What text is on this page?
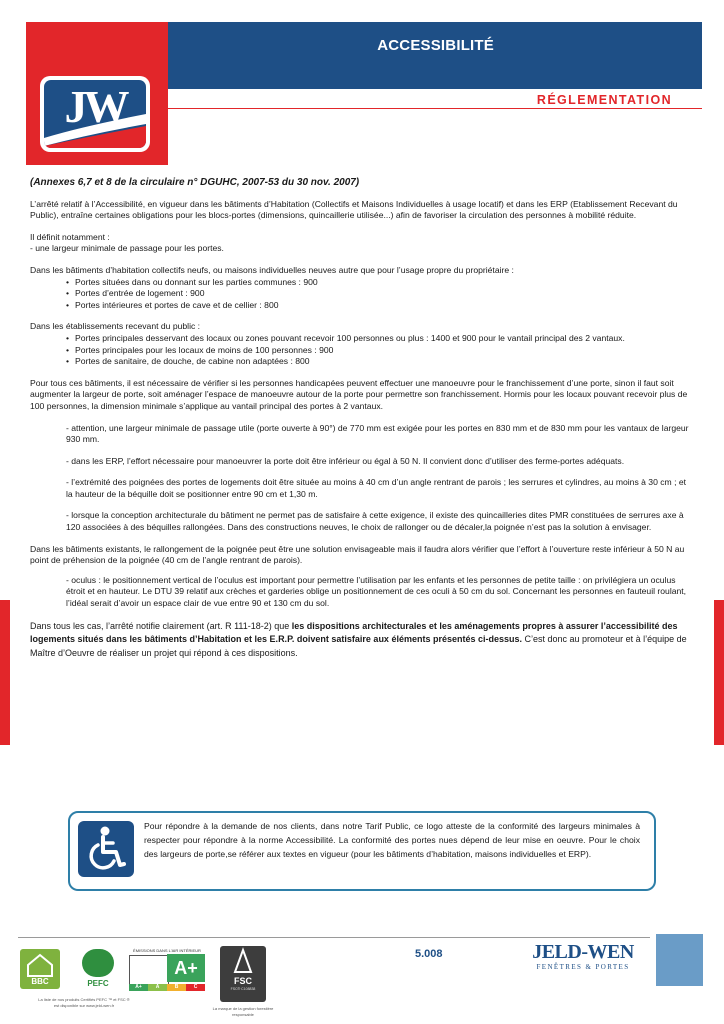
JW
ACCESSIBILITÉ
RÉGLEMENTATION

(Annexes 6,7 et 8 de la circulaire n° DGUHC, 2007-53 du 30 nov. 2007)

L’arrêté relatif à l’Accessibilité, en vigueur dans les bâtiments d’Habitation (Collectifs et Maisons Individuelles à usage locatif) et dans les ERP (Etablissement Recevant du Public), entraîne certaines obligations pour les blocs-portes (dimensions, quincaillerie utilisée...) afin de favoriser la circulation des personnes à mobilité réduite.

Il définit notamment :

- une largeur minimale de passage pour les portes.

Dans les bâtiments d’habitation collectifs neufs, ou maisons individuelles neuves autre que pour l’usage propre du propriétaire :

• Portes situées dans ou donnant sur les parties communes : 900
• Portes d’entrée de logement : 900
• Portes intérieures et portes de cave et de cellier : 800

Dans les établissements recevant du public :

• Portes principales desservant des locaux ou zones pouvant recevoir 100 personnes ou plus : 1400 et 900 pour le vantail principal des 2 vantaux.
• Portes principales pour les locaux de moins de 100 personnes : 900
• Portes de sanitaire, de douche, de cabine non adaptées : 800

Pour tous ces bâtiments, il est nécessaire de vérifier si les personnes handicapées peuvent effectuer une manoeuvre pour le franchissement d’une porte, sinon il faut soit augmenter la largeur de porte, soit aménager l’espace de manoeuvre autour de la porte pour permettre son franchissement. Hormis pour les locaux pouvant recevoir plus de 100 personnes, la dimension minimale s’applique au vantail principal des portes à 2 vantaux.

- attention, une largeur minimale de passage utile (porte ouverte à 90°) de 770 mm est exigée pour les portes en 830 mm et de 830 mm pour les vantaux de largeur 930 mm.
- dans les ERP, l’effort nécessaire pour manoeuvrer la porte doit être inférieur ou égal à 50 N. Il convient donc d’utiliser des ferme-portes adéquats.
- l’extrémité des poignées des portes de logements doit être située au moins à 40 cm d’un angle rentrant de parois ; les serrures et cylindres, au moins à 30 cm ; et la hauteur de la béquille doit se positionner entre 90 cm et 1,30 m.
- lorsque la conception architecturale du bâtiment ne permet pas de satisfaire à cette exigence, il existe des quincailleries dites PMR constituées de serrures axe à 120 associées à des béquilles rallongées. Dans des constructions neuves, le choix de rallonger ou de décaler,la poignée n’est pas la solution à envisager.

Dans les bâtiments existants, le rallongement de la poignée peut être une solution envisageable mais il faudra alors vérifier que l’effort à l’ouverture reste inférieur à 50 N au point de préhension de la poignée (40 cm de l’angle rentrant de parois).

- oculus : le positionnement vertical de l’oculus est important pour permettre l’utilisation par les enfants et les personnes de petite taille : on privilégiera un oculus étroit et en hauteur. Le DTU 39 relatif aux crèches et garderies oblige un positionnement de ces oculi à 50 cm du sol. Concernant les personnes en fauteuil roulant, l’idéal serait d’avoir un espace clair de vue entre 90 et 130 cm du sol.

Dans tous les cas, l’arrêté notifie clairement (art. R 111-18-2) que les dispositions architecturales et les aménagements propres à assurer l’accessibilité des logements situés dans les bâtiments d’Habitation et les E.R.P. doivent satisfaire aux éléments présentés ci-dessus. C’est donc au promoteur et à l’équipe de Maître d’Oeuvre de réaliser un projet qui répond à ces dispositions.

Pour répondre à la demande de nos clients, dans notre Tarif Public, ce logo atteste de la conformité des largeurs minimales à respecter pour répondre à la norme Accessibilité. La conformité des portes nues dépend de leur mise en oeuvre. Pour le choix des largeurs de porte,se référer aux textes en vigueur (pour les bâtiments d’habitation, maisons individuelles et ERP).
BBC	PEFC
ÉMISSIONS DANS L'AIR INTÉRIEUR
A+
A+	A	B	C
FSC
FSC® C108838
La liste de nos produits Certifiés PEFC ™ et FSC ® est disponible sur www.jeld-wen.fr
La marque de la gestion forestière responsable
5.008	JELD-WEN
FENÊTRES & PORTES
